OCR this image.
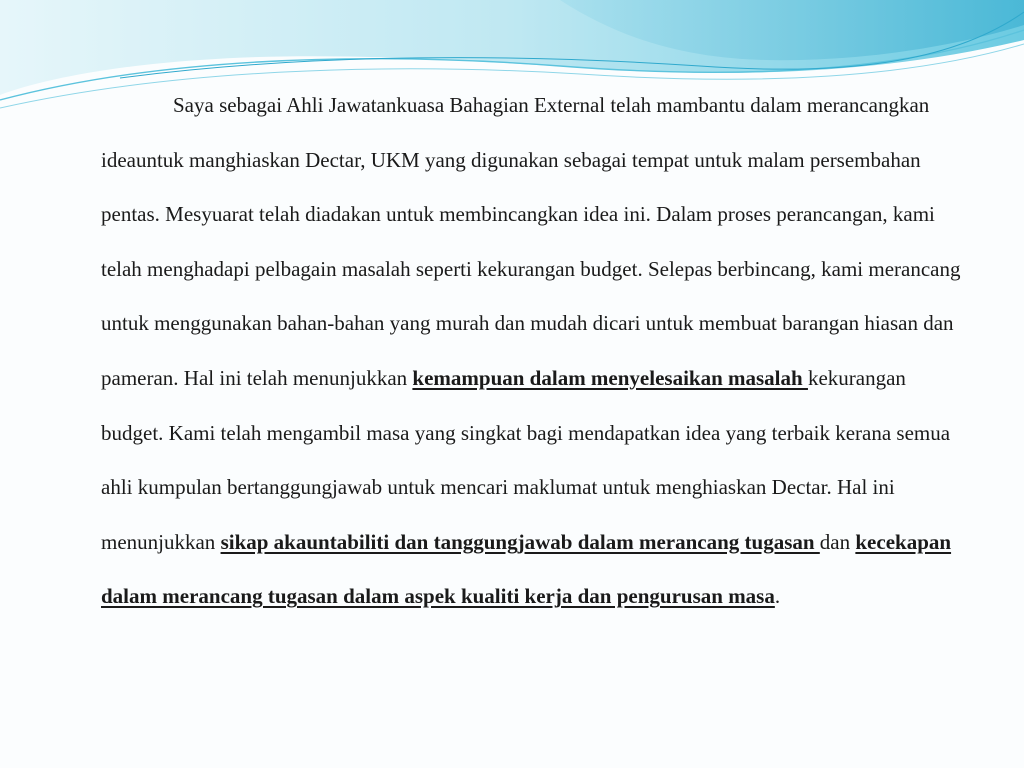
Saya sebagai Ahli Jawatankuasa Bahagian External telah mambantu dalam merancangkan ideauntuk manghiaskan Dectar, UKM yang digunakan sebagai tempat untuk malam persembahan pentas. Mesyuarat telah diadakan untuk membincangkan idea ini. Dalam proses perancangan, kami telah menghadapi pelbagain masalah seperti kekurangan budget. Selepas berbincang, kami merancang untuk menggunakan bahan-bahan yang murah dan mudah dicari untuk membuat barangan hiasan dan pameran. Hal ini telah menunjukkan kemampuan dalam menyelesaikan masalah kekurangan budget. Kami telah mengambil masa yang singkat bagi mendapatkan idea yang terbaik kerana semua ahli kumpulan bertanggungjawab untuk mencari maklumat untuk menghiaskan Dectar. Hal ini menunjukkan sikap akauntabiliti dan tanggungjawab dalam merancang tugasan dan kecekapan dalam merancang tugasan dalam aspek kualiti kerja dan pengurusan masa.
